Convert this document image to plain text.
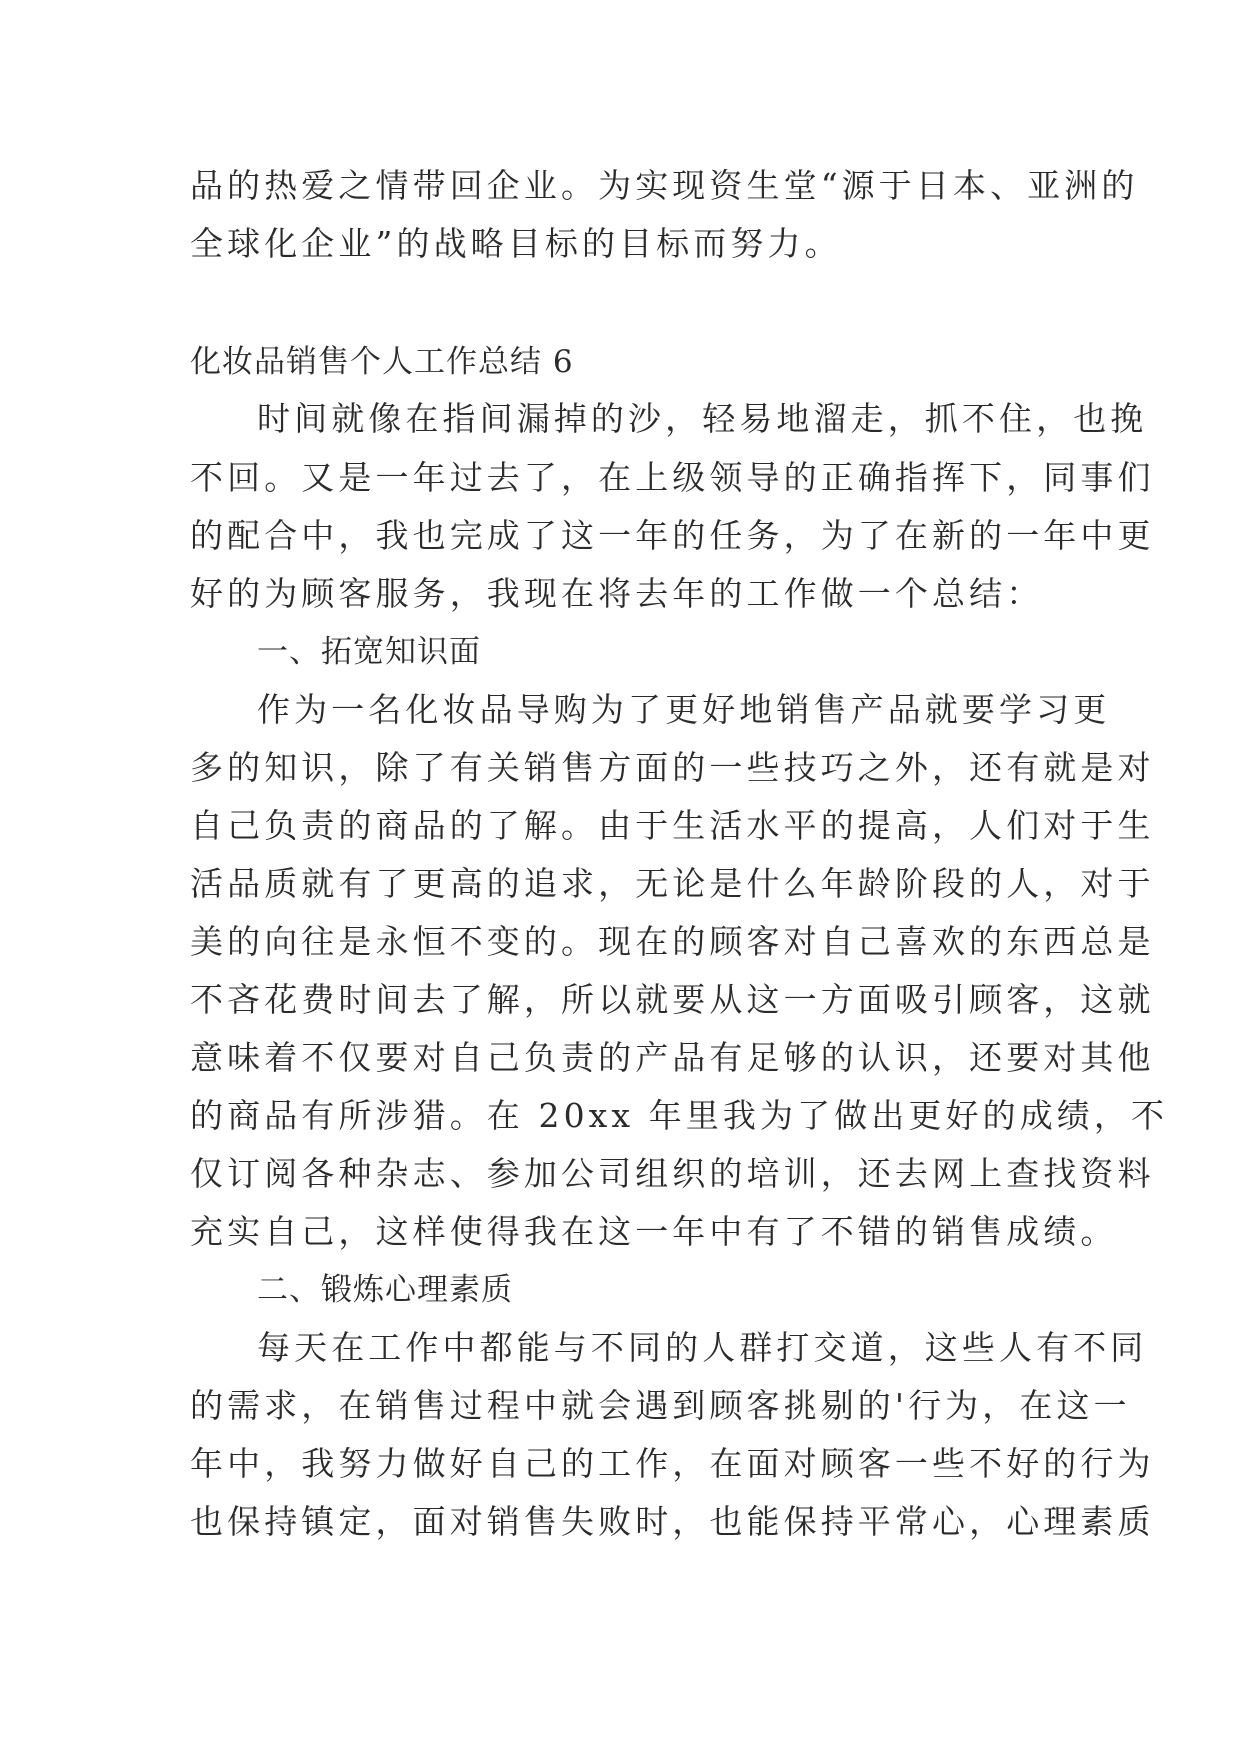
品的热爱之情带回企业。为实现资生堂“源于日本、亚洲的
全球化企业”的战略目标的目标而努力。
化妆品销售个人工作总结 6
时间就像在指间漏掉的沙，轻易地溜走，抓不住，也挽
不回。又是一年过去了，在上级领导的正确指挥下，同事们
的配合中，我也完成了这一年的任务，为了在新的一年中更
好的为顾客服务，我现在将去年的工作做一个总结：
一、拓宽知识面
作为一名化妆品导购为了更好地销售产品就要学习更
多的知识，除了有关销售方面的一些技巧之外，还有就是对
自己负责的商品的了解。由于生活水平的提高，人们对于生
活品质就有了更高的追求，无论是什么年龄阶段的人，对于
美的向往是永恒不变的。现在的顾客对自己喜欢的东西总是
不吝花费时间去了解，所以就要从这一方面吸引顾客，这就
意味着不仅要对自己负责的产品有足够的认识，还要对其他
的商品有所涉猎。在 20xx 年里我为了做出更好的成绩，不
仅订阅各种杂志、参加公司组织的培训，还去网上查找资料
充实自己，这样使得我在这一年中有了不错的销售成绩。
二、锻炼心理素质
每天在工作中都能与不同的人群打交道，这些人有不同
的需求，在销售过程中就会遇到顾客挑剔的'行为，在这一
年中，我努力做好自己的工作，在面对顾客一些不好的行为
也保持镇定，面对销售失败时，也能保持平常心，心理素质
